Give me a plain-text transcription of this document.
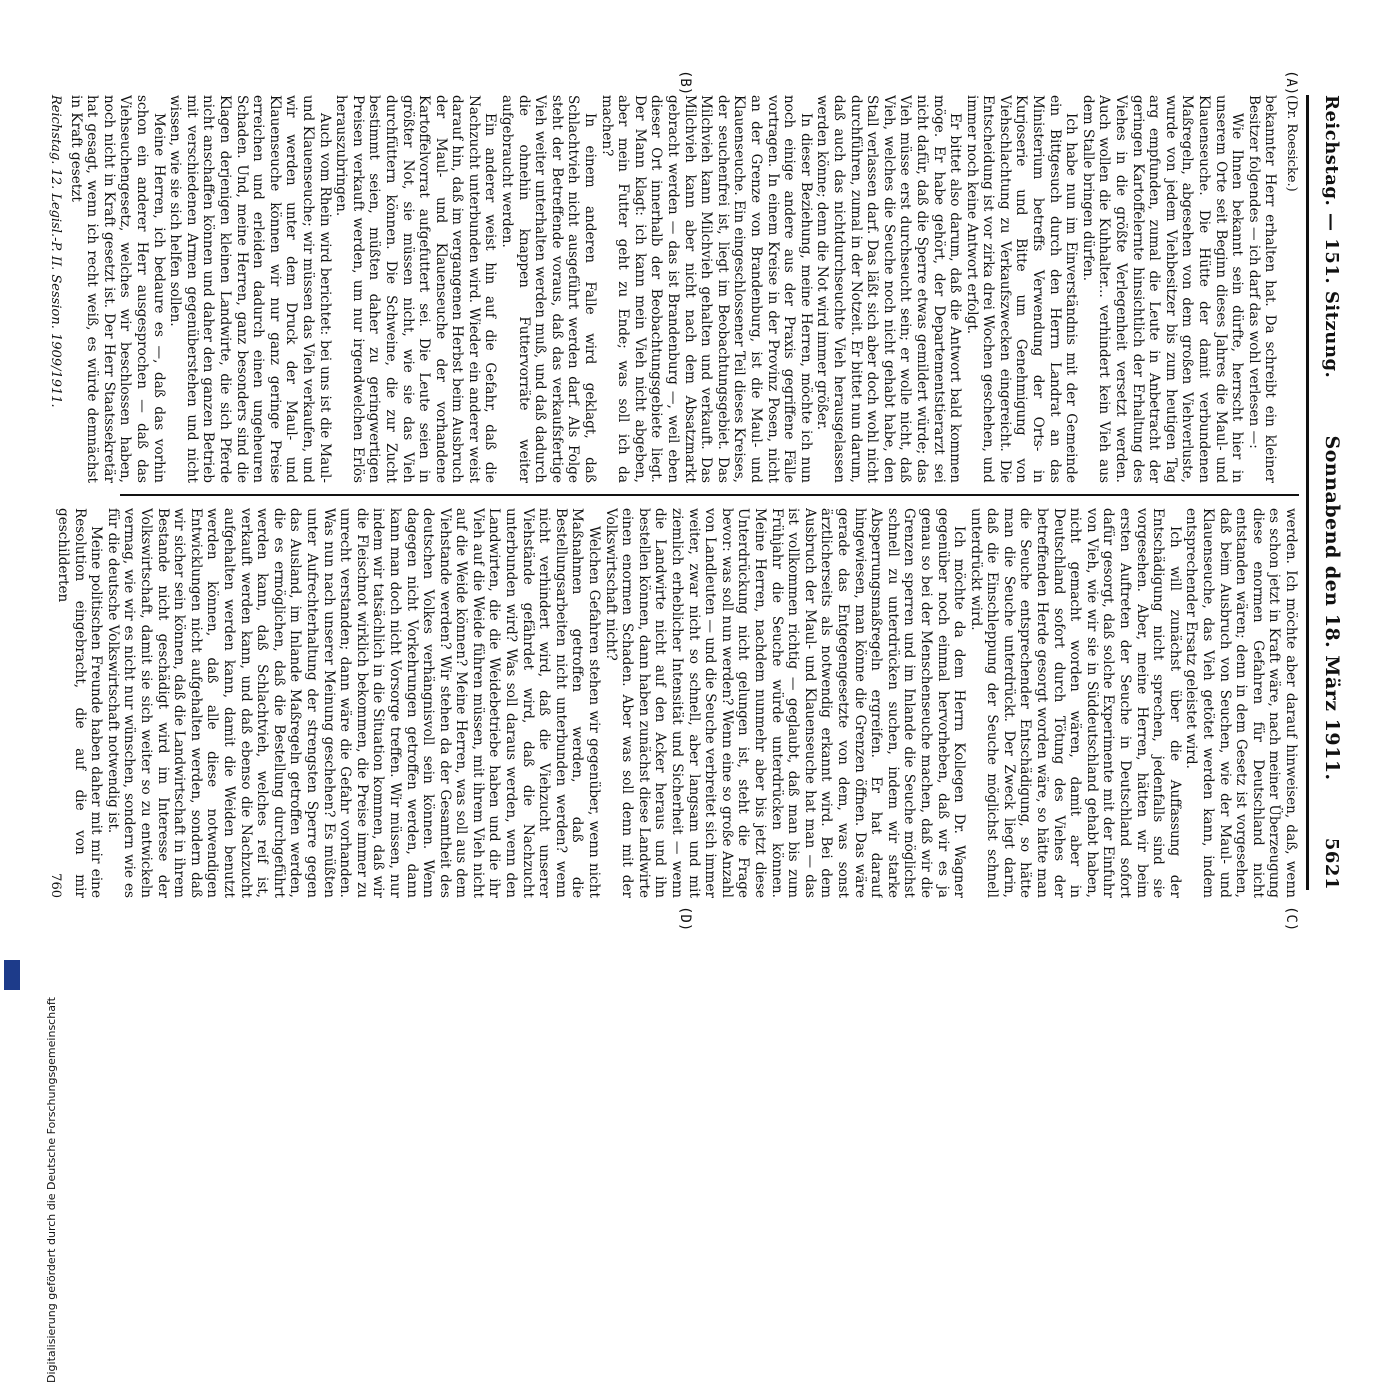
Reichstag. — 151. Sitzung.
Sonnabend den 18. März 1911.
5621
(A)
(B)
(C)
(D)
(Dr. Roesicke.)

bekannter Herr erhalten hat. Da schreibt ein kleiner Besitzer folgendes — ich darf das wohl verlesen —:

Wie Ihnen bekannt sein dürfte, herrscht hier in unserem Orte seit Beginn dieses Jahres die Maul- und Klauenseuche. Die Hütte der damit verbundenen Maßregeln, abgesehen von dem großen Viehverluste, wurde von jedem Viehbesitzer bis zum heutigen Tag arg empfunden, zumal die Leute in Anbetracht der geringen Kartoffelernte hinsichtlich der Erhaltung des Viehes in die größte Verlegenheit versetzt werden. Auch wollen die Kuhhalter... verhindert kein Vieh aus dem Stalle bringen dürfen.

Ich habe nun im Einverständnis mit der Gemeinde ein Bittgesuch durch den Herrn Landrat an das Ministerium betreffs Verwendung der Orts- in Kurjoserie und Bitte um Genehmigung von Viehschlachtung zu Verkaufszwecken eingereicht. Die Entscheidung ist vor zirka drei Wochen geschehen, und immer noch keine Antwort erfolgt.

Er bittet also darum, daß die Antwort bald kommen möge. Er habe gehört, der Departementstierarzt sei nicht dafür, daß die Sperre etwas gemildert würde; das Vieh müsse erst durchseucht sein; er wolle nicht, daß Vieh, welches die Seuche noch nicht gehabt habe, den Stall verlassen darf. Das läßt sich aber doch wohl nicht durchführen, zumal in der Notzeit. Er bittet nun darum, daß auch das nichtdurchseuchte Vieh herausgelassen werden könne; denn die Not wird immer größer.

In dieser Beziehung, meine Herren, möchte ich nun noch einige andere aus der Praxis gegriffene Fälle vortragen. In einem Kreise in der Provinz Posen, nicht an der Grenze von Brandenburg, ist die Maul- und Klauenseuche. Ein eingeschlossener Teil dieses Kreises, der seuchenfrei ist, liegt im Beobachtungsgebiet. Das Milchvieh kann Milchvieh gehalten und verkauft. Das Milchvieh kann aber nicht nach dem Absatzmarkt gebracht werden — das ist Brandenburg —, weil eben dieser Ort innerhalb der Beobachtungsgebiete liegt. Der Mann klagt: ich kann mein Vieh nicht abgeben, aber mein Futter geht zu Ende; was soll ich da machen?

In einem anderen Falle wird geklagt, daß Schlachtvieh nicht ausgeführt werden darf. Als Folge steht der Betreffende voraus, daß das verkaufsfertige Vieh weiter unterhalten werden muß, und daß dadurch die ohnehin knappen Futtervorräte weiter aufgebraucht werden.

Ein anderer weist hin auf die Gefahr, daß die Nachzucht unterbunden wird. Wieder ein anderer weist darauf hin, daß im vergangenen Herbst beim Ausbruch der Maul- und Klauenseuche der vorhandene Kartoffelvorrat aufgefuttert sei. Die Leute seien in größter Not, sie müssen nicht, wie sie das Vieh durchfüttern können. Die Schweine, die zur Zucht bestimmt seien, müßten daher zu geringwertigen Preisen verkauft werden, um nur irgendwelchen Erlös herauszubringen.

Auch vom Rhein wird berichtet: bei uns ist die Maul- und Klauenseuche; wir müssen das Vieh verkaufen, und wir werden unter dem Druck der Maul- und Klauenseuche können wir nur ganz geringe Preise erreichen und erleiden dadurch einen ungeheuren Schaden. Und, meine Herren, ganz besonders sind die Klagen derjenigen kleinen Landwirte, die sich Pferde nicht anschaffen können und daher den ganzen Betrieb mit verschiedenen Armen gegenüberstehen und nicht wissen, wie sie sich helfen sollen.

Meine Herren, ich bedaure es —, daß das vorhin schon ein anderer Herr ausgesprochen — daß das Viehseuchengesetz, welches wir beschlossen haben, noch nicht in Kraft gesetzt ist. Der Herr Staatssekretär hat gesagt, wenn ich recht weiß, es würde demnächst in Kraft gesetzt

werden. Ich möchte aber darauf hinweisen, daß, wenn es schon jetzt in Kraft wäre, nach meiner Überzeugung diese enormen Gefahren für Deutschland nicht entstanden wären; denn in dem Gesetz ist vorgesehen, daß beim Ausbruch von Seuchen, wie der Maul- und Klauenseuche, das Vieh getötet werden kann, indem entsprechender Ersatz geleistet wird.

Ich will zunächst über die Auffassung der Entschädigung nicht sprechen, jedenfalls sind sie vorgesehen. Aber, meine Herren, hätten wir beim ersten Auftreten der Seuche in Deutschland sofort dafür gesorgt, daß solche Experimente mit der Einfuhr von Vieh, wie wir sie in Süddeutschland gehabt haben, nicht gemacht worden wären, damit aber in Deutschland sofort durch Tötung des Viehes der betreffenden Herde gesorgt worden wäre, so hätte man die Seuche entsprechender Entschädigung, so hätte man die Seuche unterdrückt. Der Zweck liegt darin, daß die Einschleppung der Seuche möglichst schnell unterdrückt wird.

Ich möchte da dem Herrn Kollegen Dr. Wagner gegenüber noch einmal hervorheben, daß wir es ja genau so bei der Menschenseuche machen, daß wir die Grenzen sperren und im Inlande die Seuche möglichst schnell zu unterdrücken suchen, indem wir starke Absperrungsmaßregeln ergreifen. Er hat darauf hingewiesen, man könne die Grenzen öffnen. Das wäre gerade das Entgegengesetzte von dem, was sonst ärztlicherseits als notwendig erkannt wird. Bei dem Ausbruch der Maul- und Klauenseuche hat man — das ist vollkommen richtig — geglaubt, daß man bis zum Frühjahr die Seuche würde unterdrücken können. Meine Herren, nachdem nunmehr aber bis jetzt diese Unterdrückung nicht gelungen ist, steht die Frage bevor: was soll nun werden? Wenn eine so große Anzahl von Landleuten — und die Seuche verbreitet sich immer weiter, zwar nicht so schnell, aber langsam und mit ziemlich erheblicher Intensität und Sicherheit — wenn die Landwirte nicht auf den Acker heraus und ihn bestellen können, dann haben zunächst diese Landwirte einen enormen Schaden. Aber was soll denn mit der Volkswirtschaft nicht?

Welchen Gefahren stehen wir gegenüber, wenn nicht Maßnahmen getroffen werden, daß die Bestellungsarbeiten nicht unterbunden werden? wenn nicht verhindert wird, daß die Viehzucht unserer Viehstände gefährdet wird, daß die Nachzucht unterbunden wird? Was soll daraus werden, wenn den Landwirten, die die Weidebetriebe haben und die ihr Vieh auf die Weide führen müssen, mit ihrem Vieh nicht auf die Weide können? Meine Herren, was soll aus dem Viehstande werden? Wir stehen da der Gesamtheit des deutschen Volkes verhängnisvoll sein können. Wenn dagegen nicht Vorkehrungen getroffen werden, dann kann man doch nicht Vorsorge treffen. Wir müssen, nur indem wir tatsächlich in die Situation kommen, daß wir die Fleischnot wirklich bekommen, die Preise immer zu unrecht verstanden; dann wäre die Gefahr vorhanden. Was nun nach unserer Meinung geschehen? Es müßten unter Aufrechterhaltung der strengsten Sperre gegen das Ausland, im Inlande Maßregeln getroffen werden, die es ermöglichen, daß die Bestellung durchgeführt werden kann, daß Schlachtvieh, welches reif ist, verkauft werden kann, und daß ebenso die Nachzucht aufgehalten werden kann, damit die Weiden benutzt werden können, daß alle diese notwendigen Entwicklungen nicht aufgehalten werden, sondern daß wir sicher sein können, daß die Landwirtschaft in ihrem Bestande nicht geschädigt wird im Interesse der Volkswirtschaft, damit sie sich weiter so zu entwickeln vermag, wie wir es nicht nur wünschen, sondern wie es für die deutsche Volkswirtschaft notwendig ist.

Meine politischen Freunde haben daher mit mir eine Resolution eingebracht, die auf die von mir geschilderten

Reichstag. 12. Legisl.-P. II. Session. 1909/1911.
760
Digitalisierung gefördert durch die Deutsche Forschungsgemeinschaft
